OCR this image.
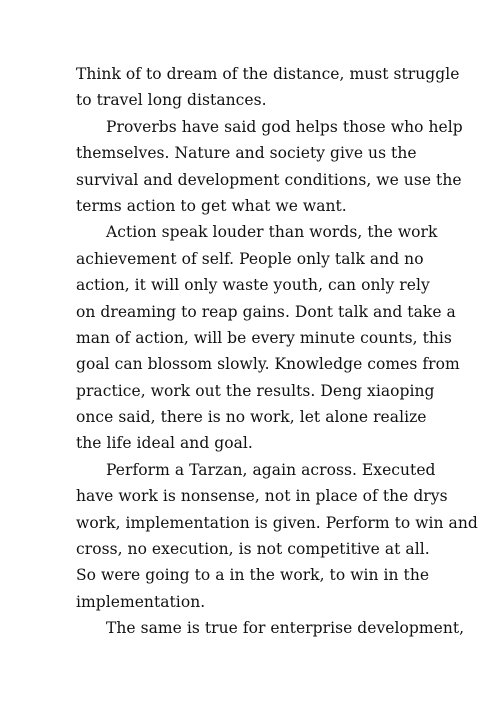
Think of to dream of the distance, must struggle
to travel long distances.
Proverbs have said god helps those who help
themselves. Nature and society give us the
survival and development conditions, we use the
terms action to get what we want.
Action speak louder than words, the work
achievement of self. People only talk and no
action, it will only waste youth, can only rely
on dreaming to reap gains. Dont talk and take a
man of action, will be every minute counts, this
goal can blossom slowly. Knowledge comes from
practice, work out the results. Deng xiaoping
once said, there is no work, let alone realize
the life ideal and goal.
Perform a Tarzan, again across. Executed
have work is nonsense, not in place of the drys
work, implementation is given. Perform to win and
cross, no execution, is not competitive at all.
So were going to a in the work, to win in the
implementation.
The same is true for enterprise development,
